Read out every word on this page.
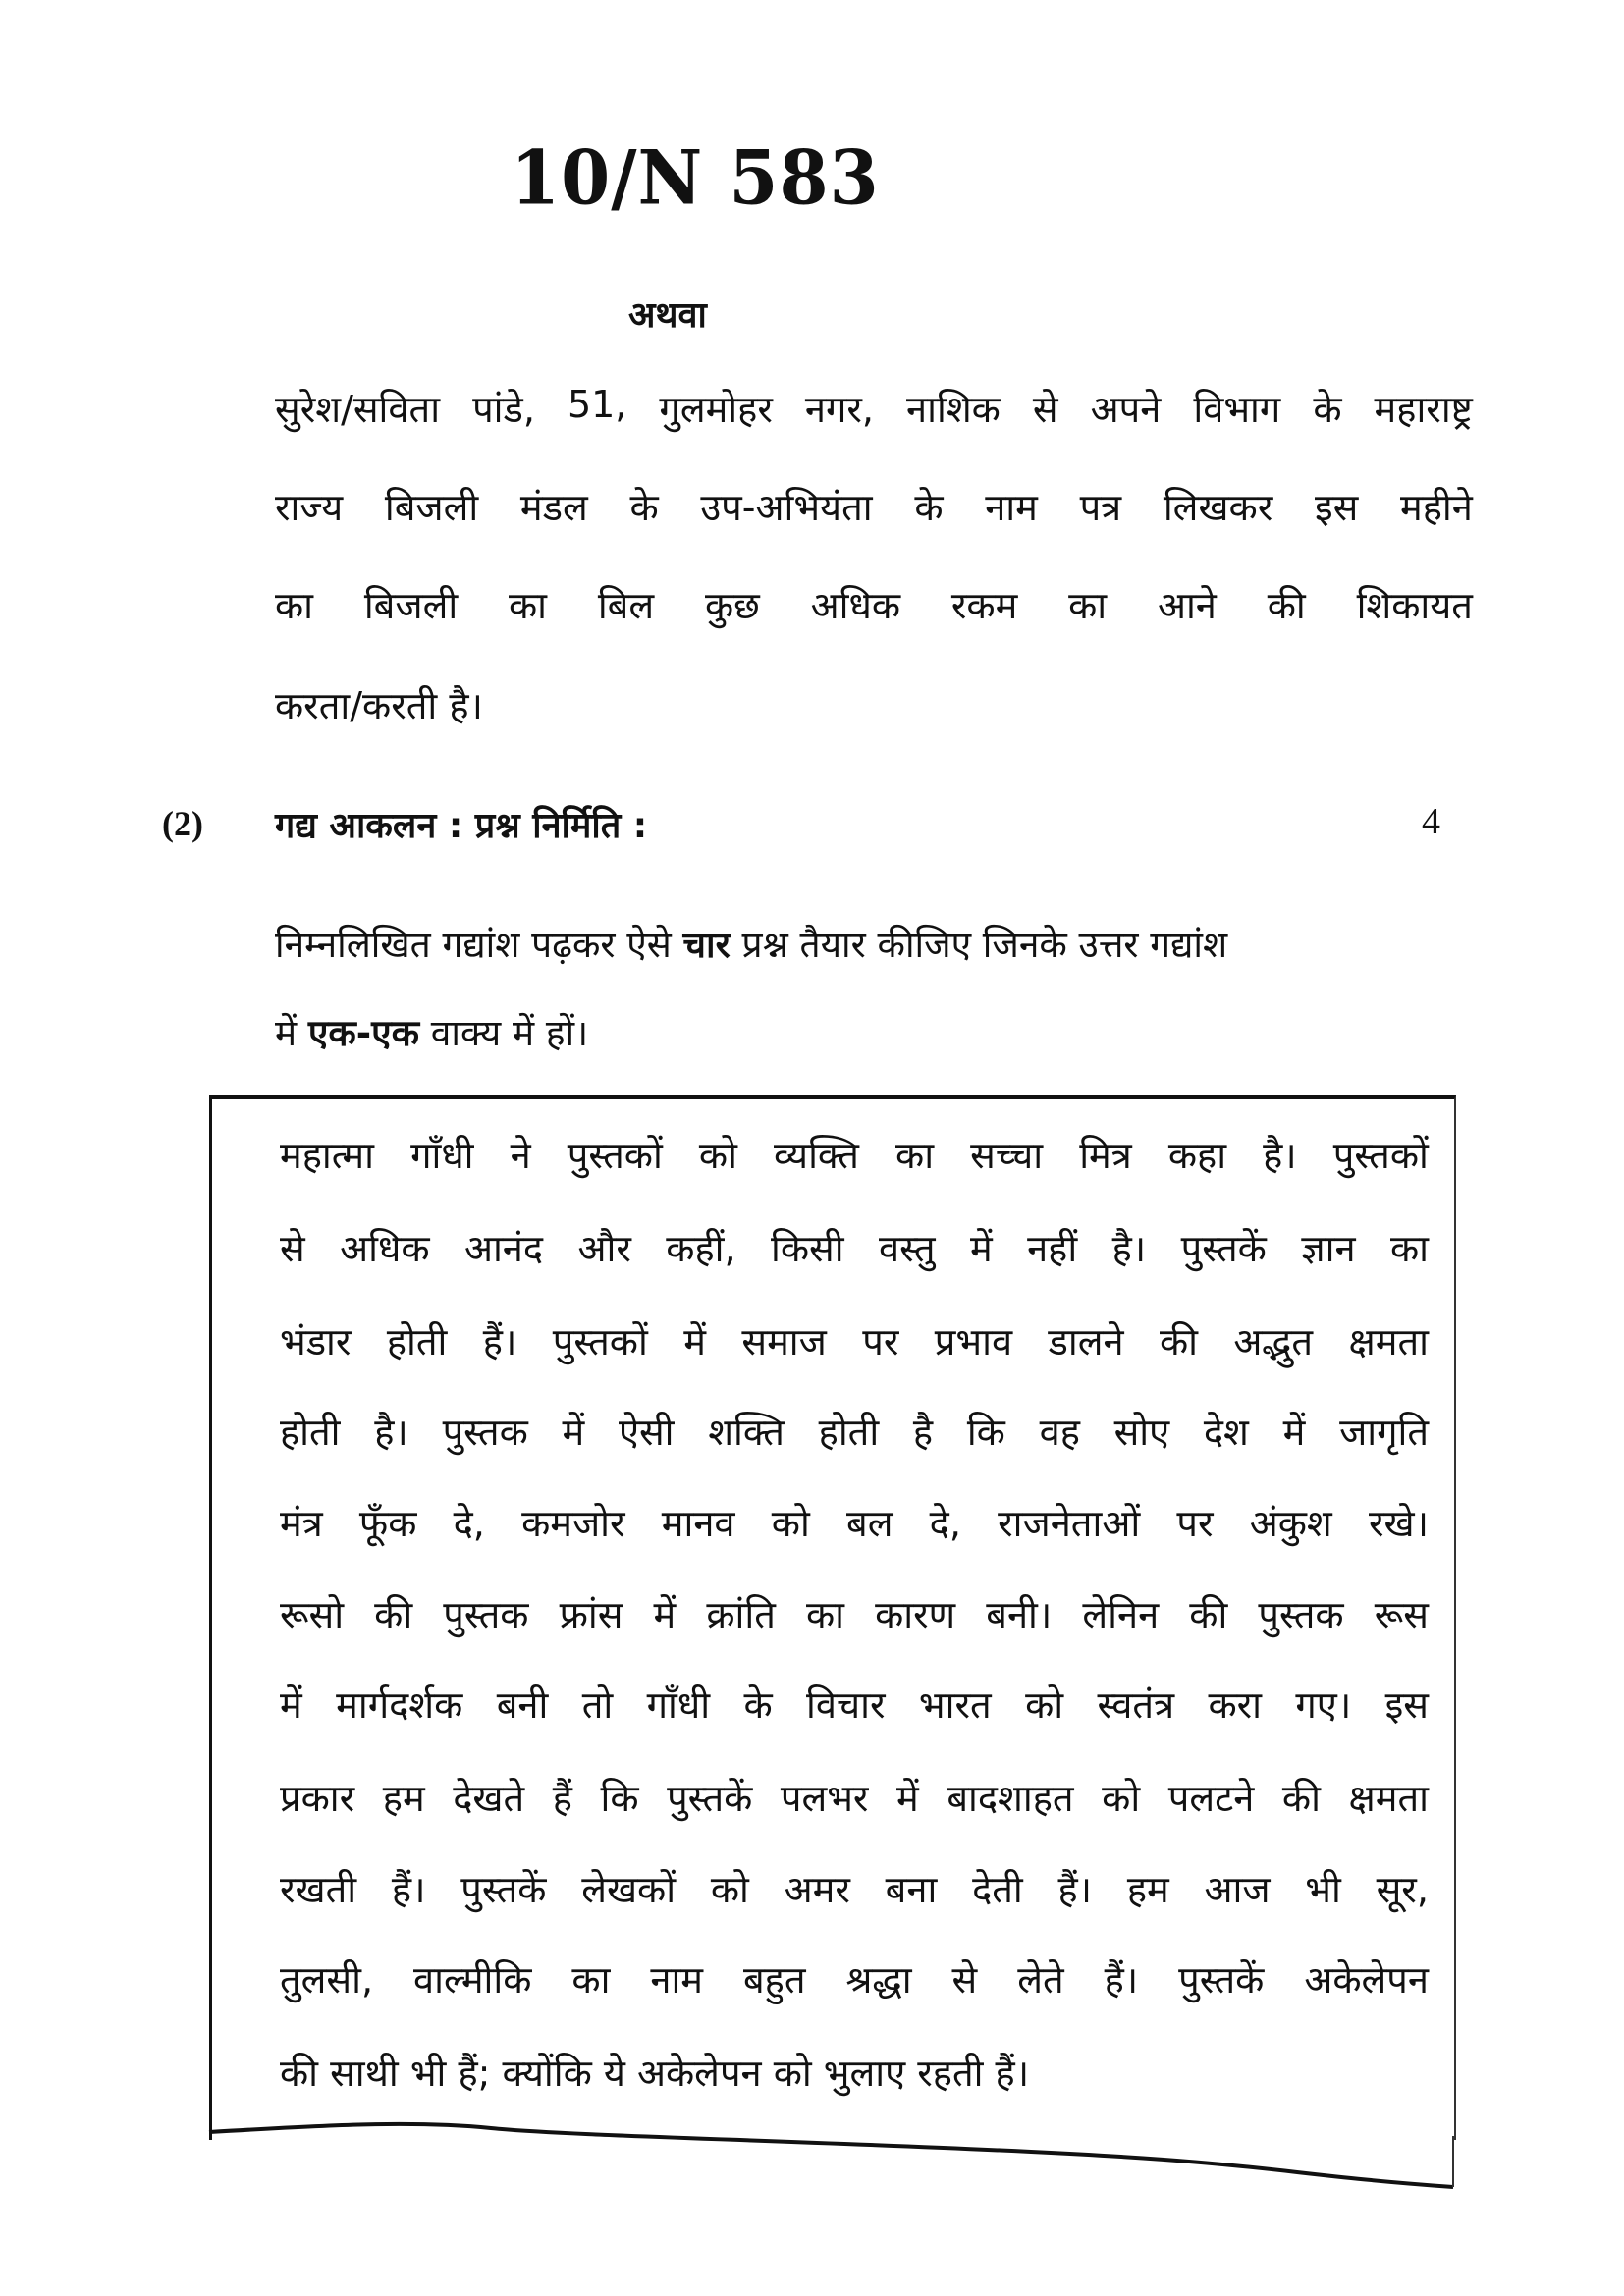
10/N 583
अथवा
सुरेश/सविता पांडे, 51, गुलमोहर नगर, नाशिक से अपने विभाग के महाराष्ट्र
राज्य बिजली मंडल के उप-अभियंता के नाम पत्र लिखकर इस महीने
का बिजली का बिल कुछ अधिक रकम का आने की शिकायत
करता/करती है।
(2) गद्य आकलन : प्रश्न निर्मिति :	4
निम्नलिखित गद्यांश पढ़कर ऐसे चार प्रश्न तैयार कीजिए जिनके उत्तर गद्यांश
में एक-एक वाक्य में हों।
महात्मा गाँधी ने पुस्तकों को व्यक्ति का सच्चा मित्र कहा है। पुस्तकों
से अधिक आनंद और कहीं, किसी वस्तु में नहीं है। पुस्तकें ज्ञान का
भंडार होती हैं। पुस्तकों में समाज पर प्रभाव डालने की अद्भुत क्षमता
होती है। पुस्तक में ऐसी शक्ति होती है कि वह सोए देश में जागृति
मंत्र फूँक दे, कमजोर मानव को बल दे, राजनेताओं पर अंकुश रखे।
रूसो की पुस्तक फ्रांस में क्रांति का कारण बनी। लेनिन की पुस्तक रूस
में मार्गदर्शक बनी तो गाँधी के विचार भारत को स्वतंत्र करा गए। इस
प्रकार हम देखते हैं कि पुस्तकें पलभर में बादशाहत को पलटने की क्षमता
रखती हैं। पुस्तकें लेखकों को अमर बना देती हैं। हम आज भी सूर,
तुलसी, वाल्मीकि का नाम बहुत श्रद्धा से लेते हैं। पुस्तकें अकेलेपन
की साथी भी हैं; क्योंकि ये अकेलेपन को भुलाए रहती हैं।
